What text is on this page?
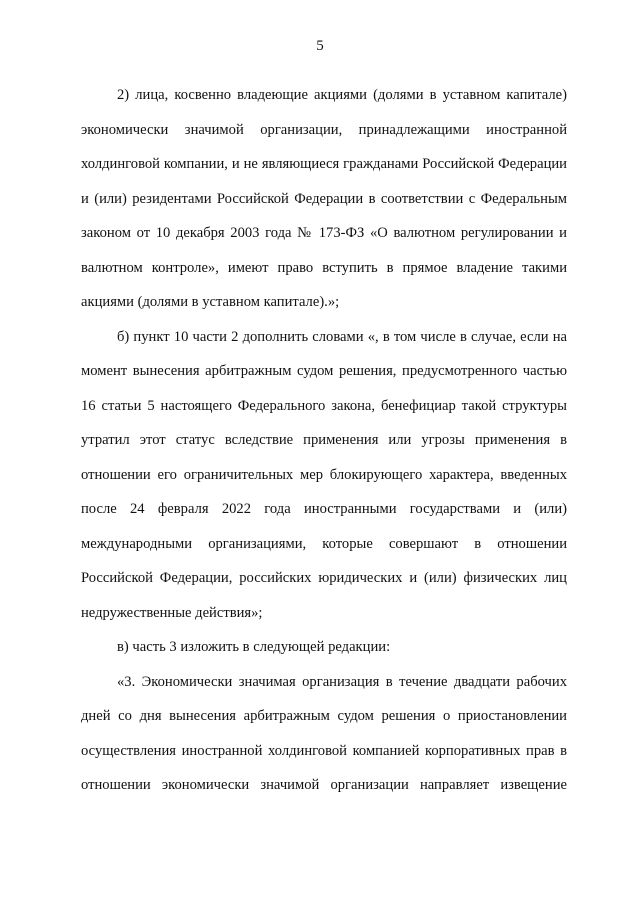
5

2) лица, косвенно владеющие акциями (долями в уставном капитале) экономически значимой организации, принадлежащими иностранной холдинговой компании, и не являющиеся гражданами Российской Федерации и (или) резидентами Российской Федерации в соответствии с Федеральным законом от 10 декабря 2003 года № 173-ФЗ «О валютном регулировании и валютном контроле», имеют право вступить в прямое владение такими акциями (долями в уставном капитале).»;

б) пункт 10 части 2 дополнить словами «, в том числе в случае, если на момент вынесения арбитражным судом решения, предусмотренного частью 16 статьи 5 настоящего Федерального закона, бенефициар такой структуры утратил этот статус вследствие применения или угрозы применения в отношении его ограничительных мер блокирующего характера, введенных после 24 февраля 2022 года иностранными государствами и (или) международными организациями, которые совершают в отношении Российской Федерации, российских юридических и (или) физических лиц недружественные действия»;

в) часть 3 изложить в следующей редакции:

«3. Экономически значимая организация в течение двадцати рабочих дней со дня вынесения арбитражным судом решения о приостановлении осуществления иностранной холдинговой компанией корпоративных прав в отношении экономически значимой организации направляет извещение
